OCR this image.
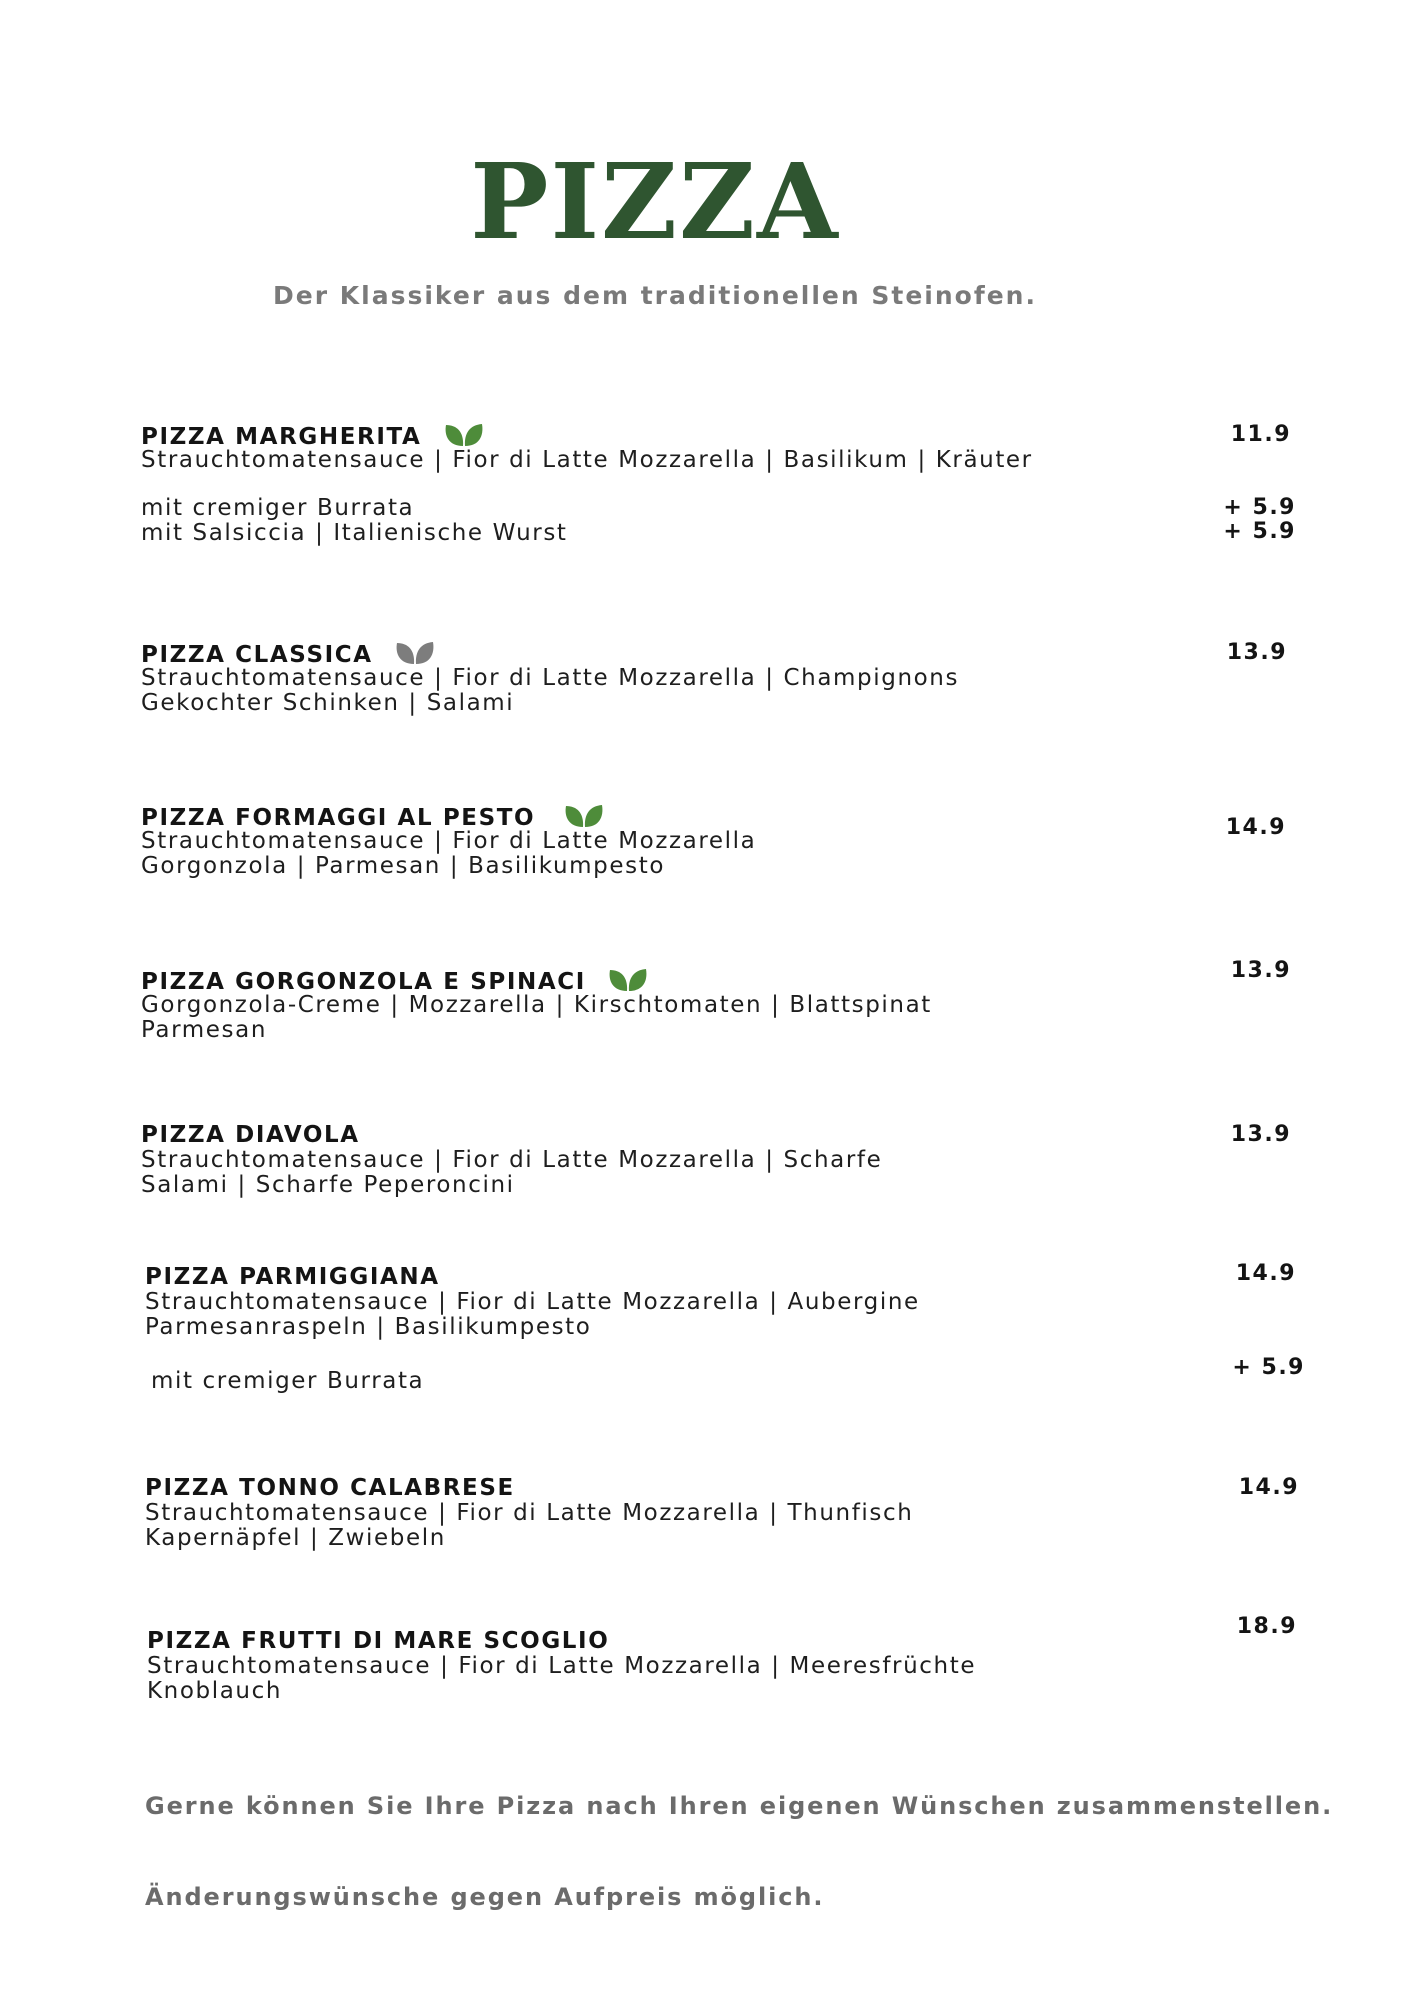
PIZZA
Der Klassiker aus dem traditionellen Steinofen.
PIZZA MARGHERITA
Strauchtomatensauce | Fior di Latte Mozzarella | Basilikum | Kräuter
11.9
mit cremiger Burrata
mit Salsiccia | Italienische Wurst
+ 5.9
+ 5.9
PIZZA CLASSICA
Strauchtomatensauce | Fior di Latte Mozzarella | Champignons
Gekochter Schinken | Salami
13.9
PIZZA FORMAGGI AL PESTO
Strauchtomatensauce | Fior di Latte Mozzarella
Gorgonzola | Parmesan | Basilikumpesto
14.9
PIZZA GORGONZOLA E SPINACI
Gorgonzola-Creme | Mozzarella | Kirschtomaten | Blattspinat
Parmesan
13.9
PIZZA DIAVOLA
Strauchtomatensauce | Fior di Latte Mozzarella | Scharfe
Salami | Scharfe Peperoncini
13.9
PIZZA PARMIGGIANA
Strauchtomatensauce | Fior di Latte Mozzarella | Aubergine
Parmesanraspeln | Basilikumpesto
14.9
mit cremiger Burrata
+ 5.9
PIZZA TONNO CALABRESE
Strauchtomatensauce | Fior di Latte Mozzarella | Thunfisch
Kapernäpfel | Zwiebeln
14.9
PIZZA FRUTTI DI MARE SCOGLIO
Strauchtomatensauce | Fior di Latte Mozzarella | Meeresfrüchte
Knoblauch
18.9
Gerne können Sie Ihre Pizza nach Ihren eigenen Wünschen zusammenstellen.
Änderungswünsche gegen Aufpreis möglich.
